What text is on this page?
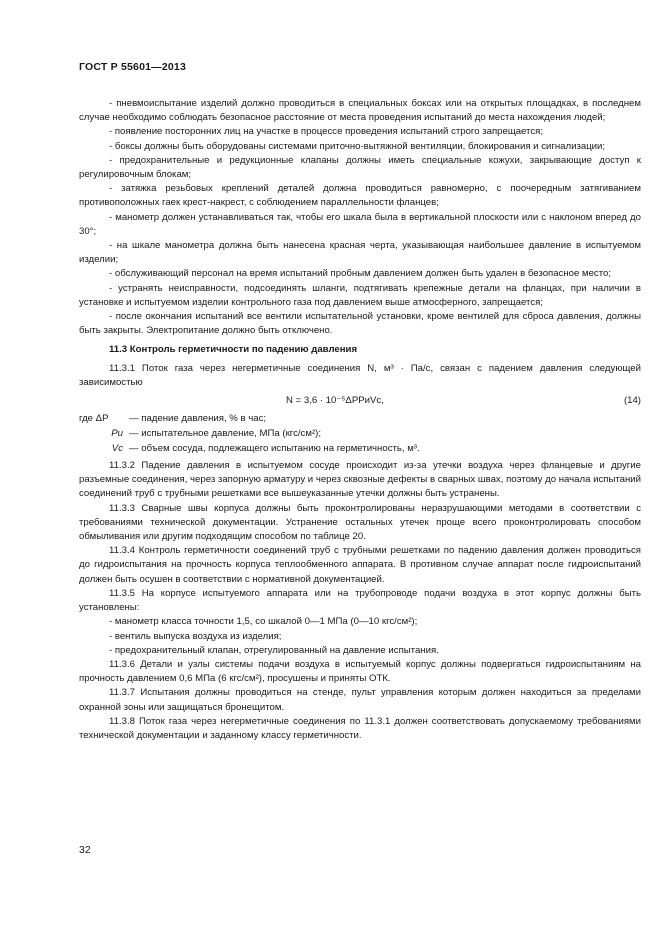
ГОСТ Р 55601—2013

- пневмоиспытание изделий должно проводиться в специальных боксах или на открытых площадках, в последнем случае необходимо соблюдать безопасное расстояние от места проведения испытаний до места нахождения людей;

- появление посторонних лиц на участке в процессе проведения испытаний строго запрещается;

- боксы должны быть оборудованы системами приточно-вытяжной вентиляции, блокирования и сигнализации;

- предохранительные и редукционные клапаны должны иметь специальные кожухи, закрывающие доступ к регулировочным блокам;

- затяжка резьбовых креплений деталей должна проводиться равномерно, с поочередным затягиванием противоположных гаек крест-накрест, с соблюдением параллельности фланцев;

- манометр должен устанавливаться так, чтобы его шкала была в вертикальной плоскости или с наклоном вперед до 30°;

- на шкале манометра должна быть нанесена красная черта, указывающая наибольшее давление в испытуемом изделии;

- обслуживающий персонал на время испытаний пробным давлением должен быть удален в безопасное место;

- устранять неисправности, подсоединять шланги, подтягивать крепежные детали на фланцах, при наличии в установке и испытуемом изделии контрольного газа под давлением выше атмосферного, запрещается;

- после окончания испытаний все вентили испытательной установки, кроме вентилей для сброса давления, должны быть закрыты. Электропитание должно быть отключено.

11.3 Контроль герметичности по падению давления

11.3.1 Поток газа через негерметичные соединения N, м³ · Па/с, связан с падением давления следующей зависимостью

N = 3,6 · 10⁻⁵ΔPPиVс,	(14)
где ΔP	— падение давления, % в час;
Pи — испытательное давление, МПа (кгс/см²);
Vс — объем сосуда, подлежащего испытанию на герметичность, м³.

11.3.2 Падение давления в испытуемом сосуде происходит из-за утечки воздуха через фланцевые и другие разъемные соединения, через запорную арматуру и через сквозные дефекты в сварных швах, поэтому до начала испытаний соединений труб с трубными решетками все вышеуказанные утечки должны быть устранены.

11.3.3 Сварные швы корпуса должны быть проконтролированы неразрушающими методами в соответствии с требованиями технической документации. Устранение остальных утечек проще всего проконтролировать способом обмыливания или другим подходящим способом по таблице 20.

11.3.4 Контроль герметичности соединений труб с трубными решетками по падению давления должен проводиться до гидроиспытания на прочность корпуса теплообменного аппарата. В противном случае аппарат после гидроиспытаний должен быть осушен в соответствии с нормативной документацией.

11.3.5 На корпусе испытуемого аппарата или на трубопроводе подачи воздуха в этот корпус должны быть установлены:

- манометр класса точности 1,5, со шкалой 0—1 МПа (0—10 кгс/см²);

- вентиль выпуска воздуха из изделия;

- предохранительный клапан, отрегулированный на давление испытания.

11.3.6 Детали и узлы системы подачи воздуха в испытуемый корпус должны подвергаться гидроиспытаниям на прочность давлением 0,6 МПа (6 кгс/см²), просушены и приняты ОТК.

11.3.7 Испытания должны проводиться на стенде, пульт управления которым должен находиться за пределами охранной зоны или защищаться бронещитом.

11.3.8 Поток газа через негерметичные соединения по 11.3.1 должен соответствовать допускаемому требованиями технической документации и заданному классу герметичности.

32
